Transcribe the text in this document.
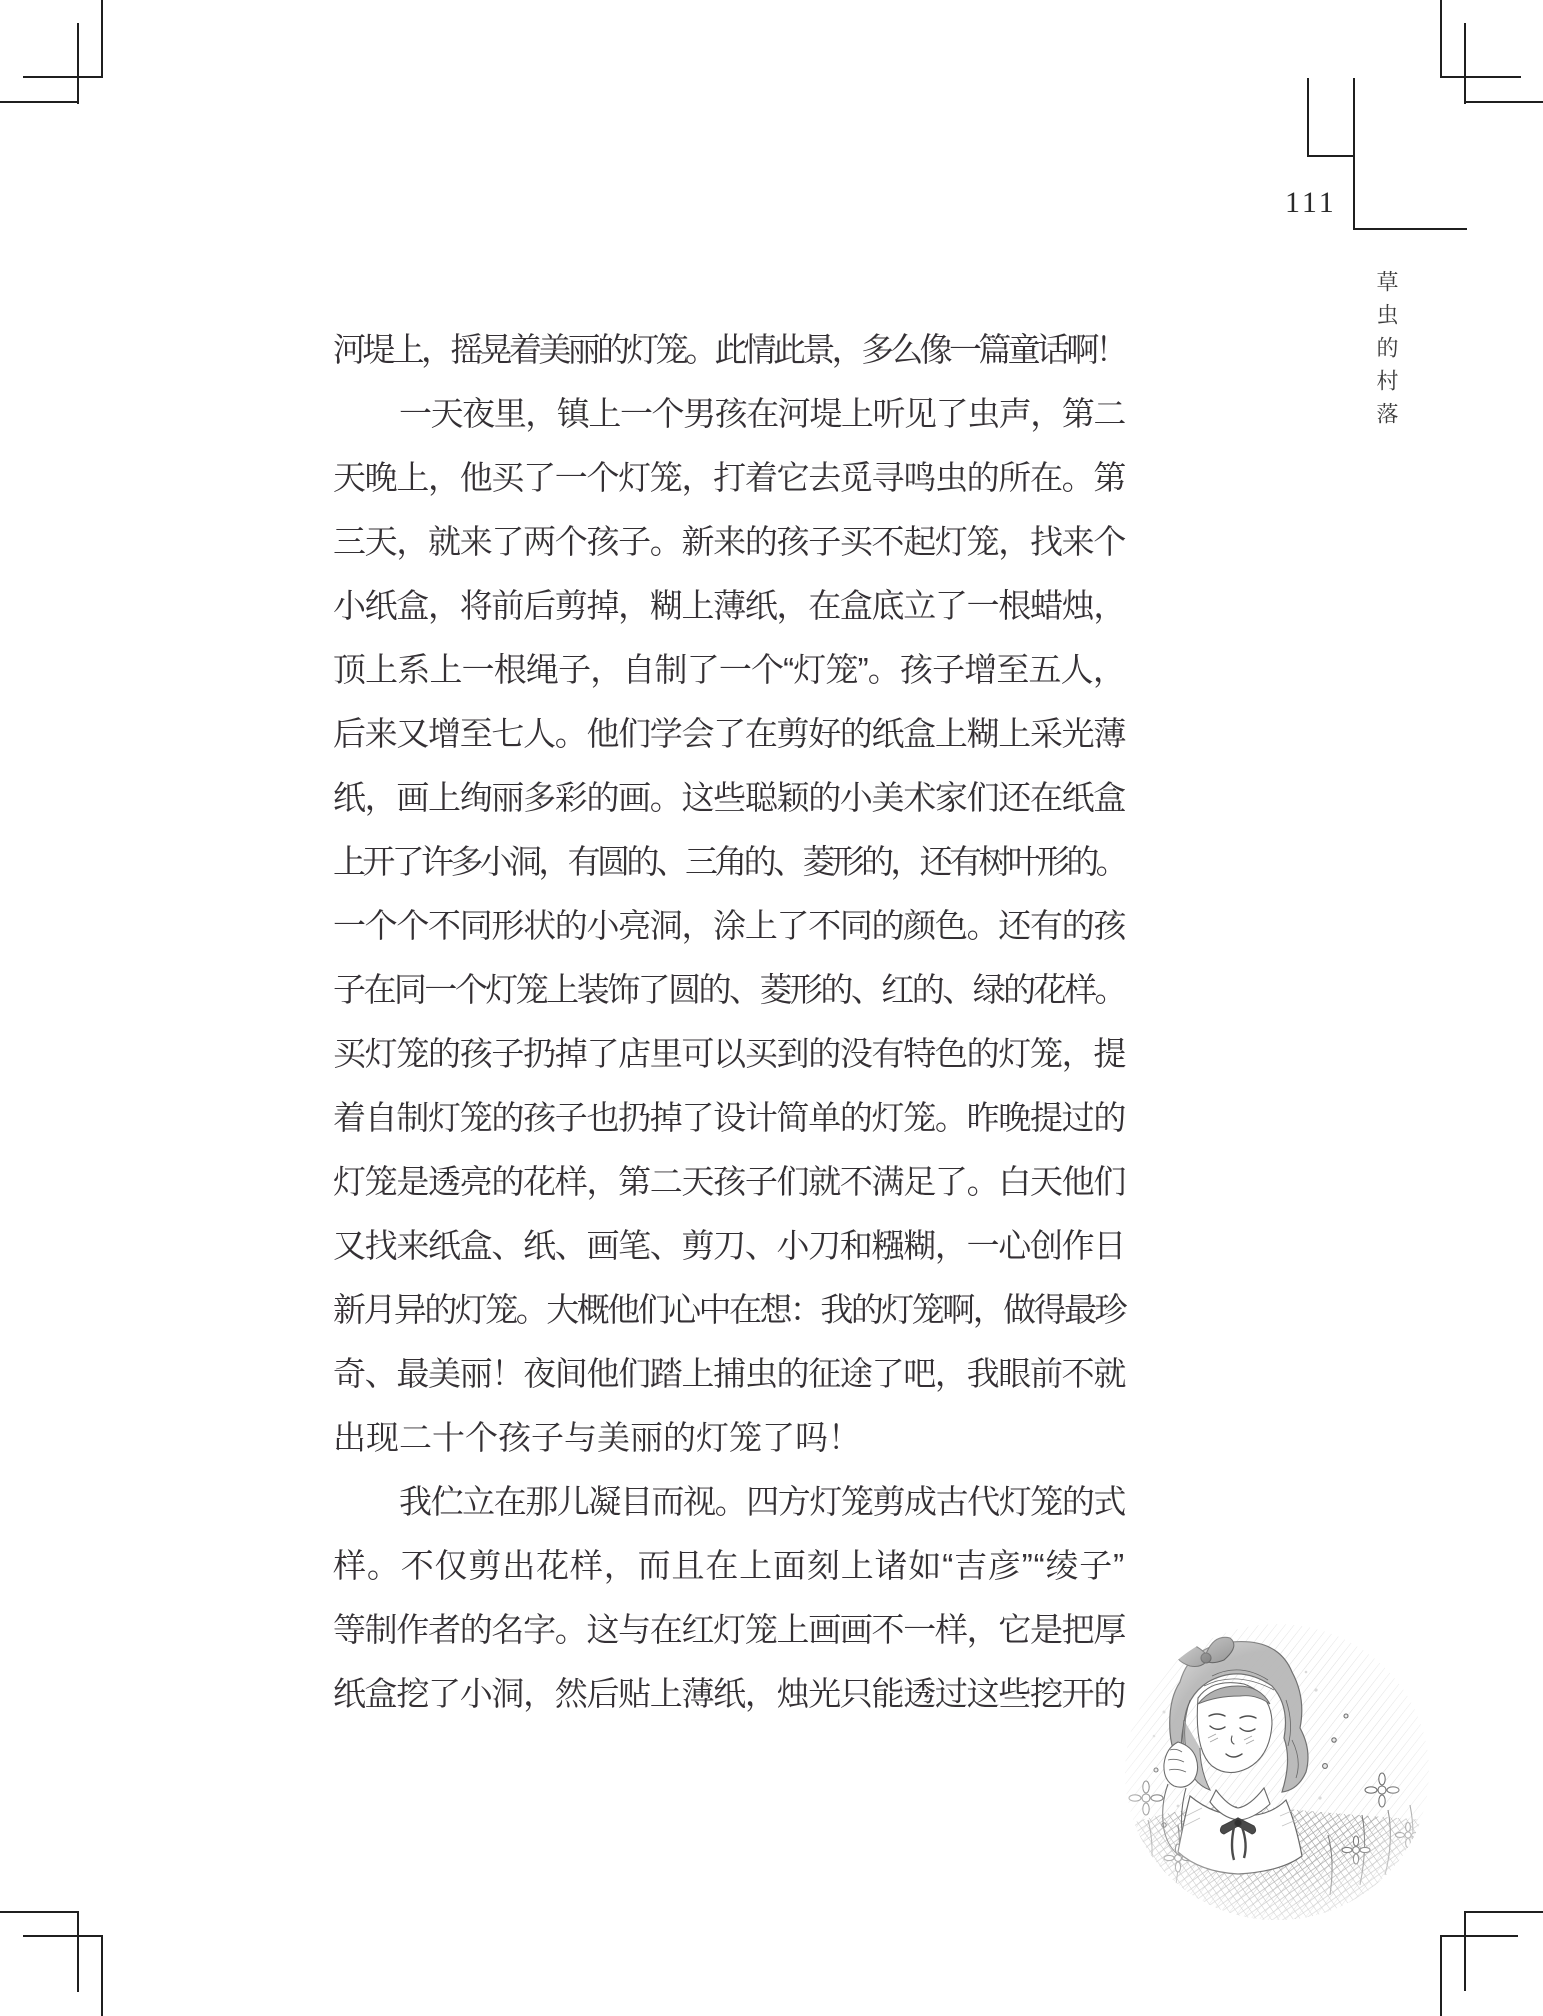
111
草虫的村落
河堤上，摇晃着美丽的灯笼。此情此景，多么像一篇童话啊！
一天夜里，镇上一个男孩在河堤上听见了虫声，第二
天晚上，他买了一个灯笼，打着它去觅寻鸣虫的所在。第
三天，就来了两个孩子。新来的孩子买不起灯笼，找来个
小纸盒，将前后剪掉，糊上薄纸，在盒底立了一根蜡烛，
顶上系上一根绳子，自制了一个“灯笼”。孩子增至五人，
后来又增至七人。他们学会了在剪好的纸盒上糊上采光薄
纸，画上绚丽多彩的画。这些聪颖的小美术家们还在纸盒
上开了许多小洞，有圆的、三角的、菱形的，还有树叶形的。
一个个不同形状的小亮洞，涂上了不同的颜色。还有的孩
子在同一个灯笼上装饰了圆的、菱形的、红的、绿的花样。
买灯笼的孩子扔掉了店里可以买到的没有特色的灯笼，提
着自制灯笼的孩子也扔掉了设计简单的灯笼。昨晚提过的
灯笼是透亮的花样，第二天孩子们就不满足了。白天他们
又找来纸盒、纸、画笔、剪刀、小刀和糨糊，一心创作日
新月异的灯笼。大概他们心中在想：我的灯笼啊，做得最珍
奇、最美丽！夜间他们踏上捕虫的征途了吧，我眼前不就
出现二十个孩子与美丽的灯笼了吗！
我伫立在那儿凝目而视。四方灯笼剪成古代灯笼的式
样。不仅剪出花样，而且在上面刻上诸如“吉彦”“绫子”
等制作者的名字。这与在红灯笼上画画不一样，它是把厚
纸盒挖了小洞，然后贴上薄纸，烛光只能透过这些挖开的
